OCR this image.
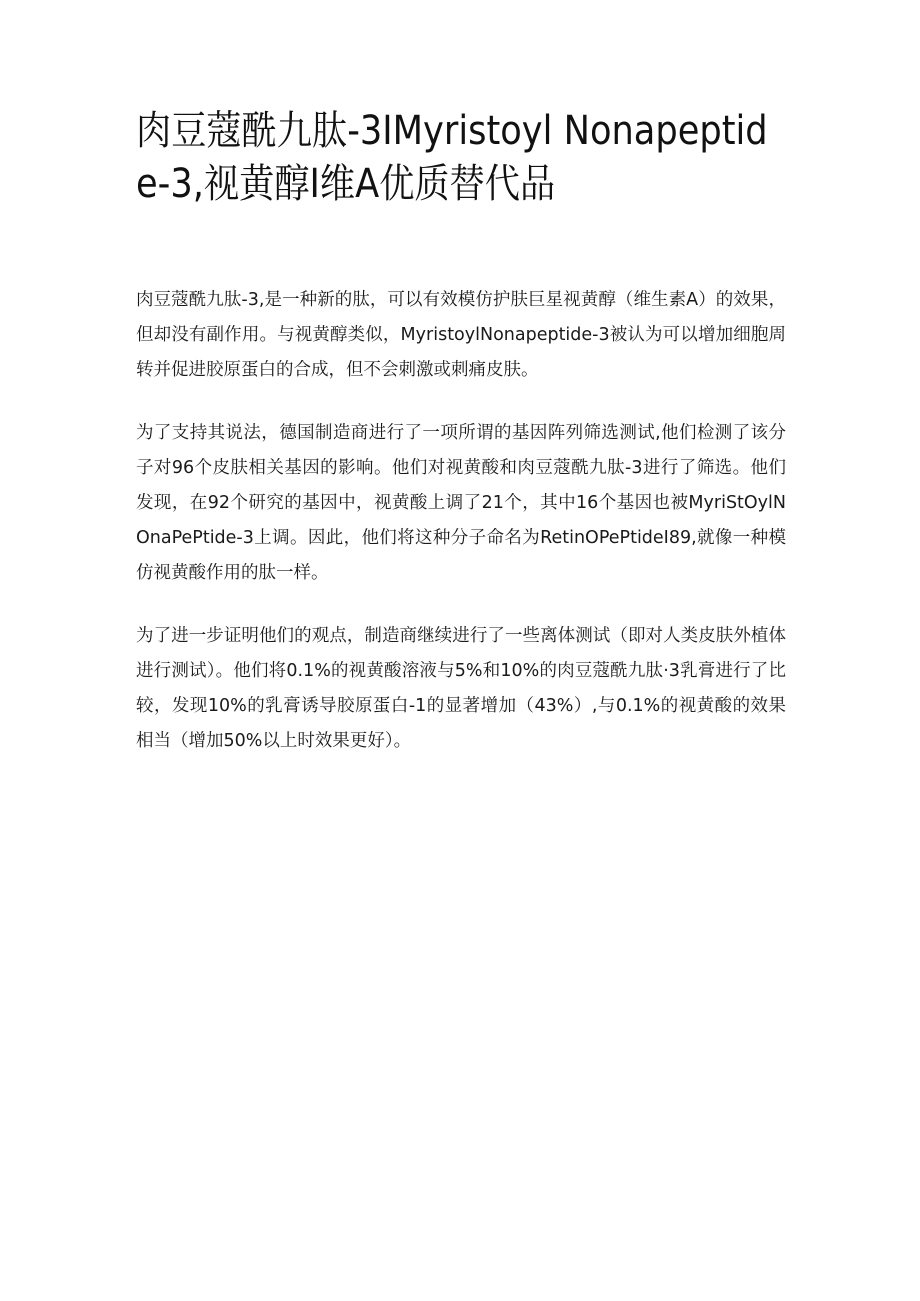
肉豆蔻酰九肽-3IMyristoyl Nonapeptide-3,视黄醇I维A优质替代品

肉豆蔻酰九肽-3,是一种新的肽，可以有效模仿护肤巨星视黄醇（维生素A）的效果，但却没有副作用。与视黄醇类似，MyristoylNonapeptide-3被认为可以增加细胞周转并促进胶原蛋白的合成，但不会刺激或刺痛皮肤。

为了支持其说法，德国制造商进行了一项所谓的基因阵列筛选测试,他们检测了该分子对96个皮肤相关基因的影响。他们对视黄酸和肉豆蔻酰九肽-3进行了筛选。他们发现，在92个研究的基因中，视黄酸上调了21个，其中16个基因也被MyriStOylNOnaPePtide-3上调。因此，他们将这种分子命名为RetinOPePtideI89,就像一种模仿视黄酸作用的肽一样。

为了进一步证明他们的观点，制造商继续进行了一些离体测试（即对人类皮肤外植体进行测试）。他们将0.1%的视黄酸溶液与5%和10%的肉豆蔻酰九肽·3乳膏进行了比较，发现10%的乳膏诱导胶原蛋白-1的显著增加（43%）,与0.1%的视黄酸的效果相当（增加50%以上时效果更好）。
